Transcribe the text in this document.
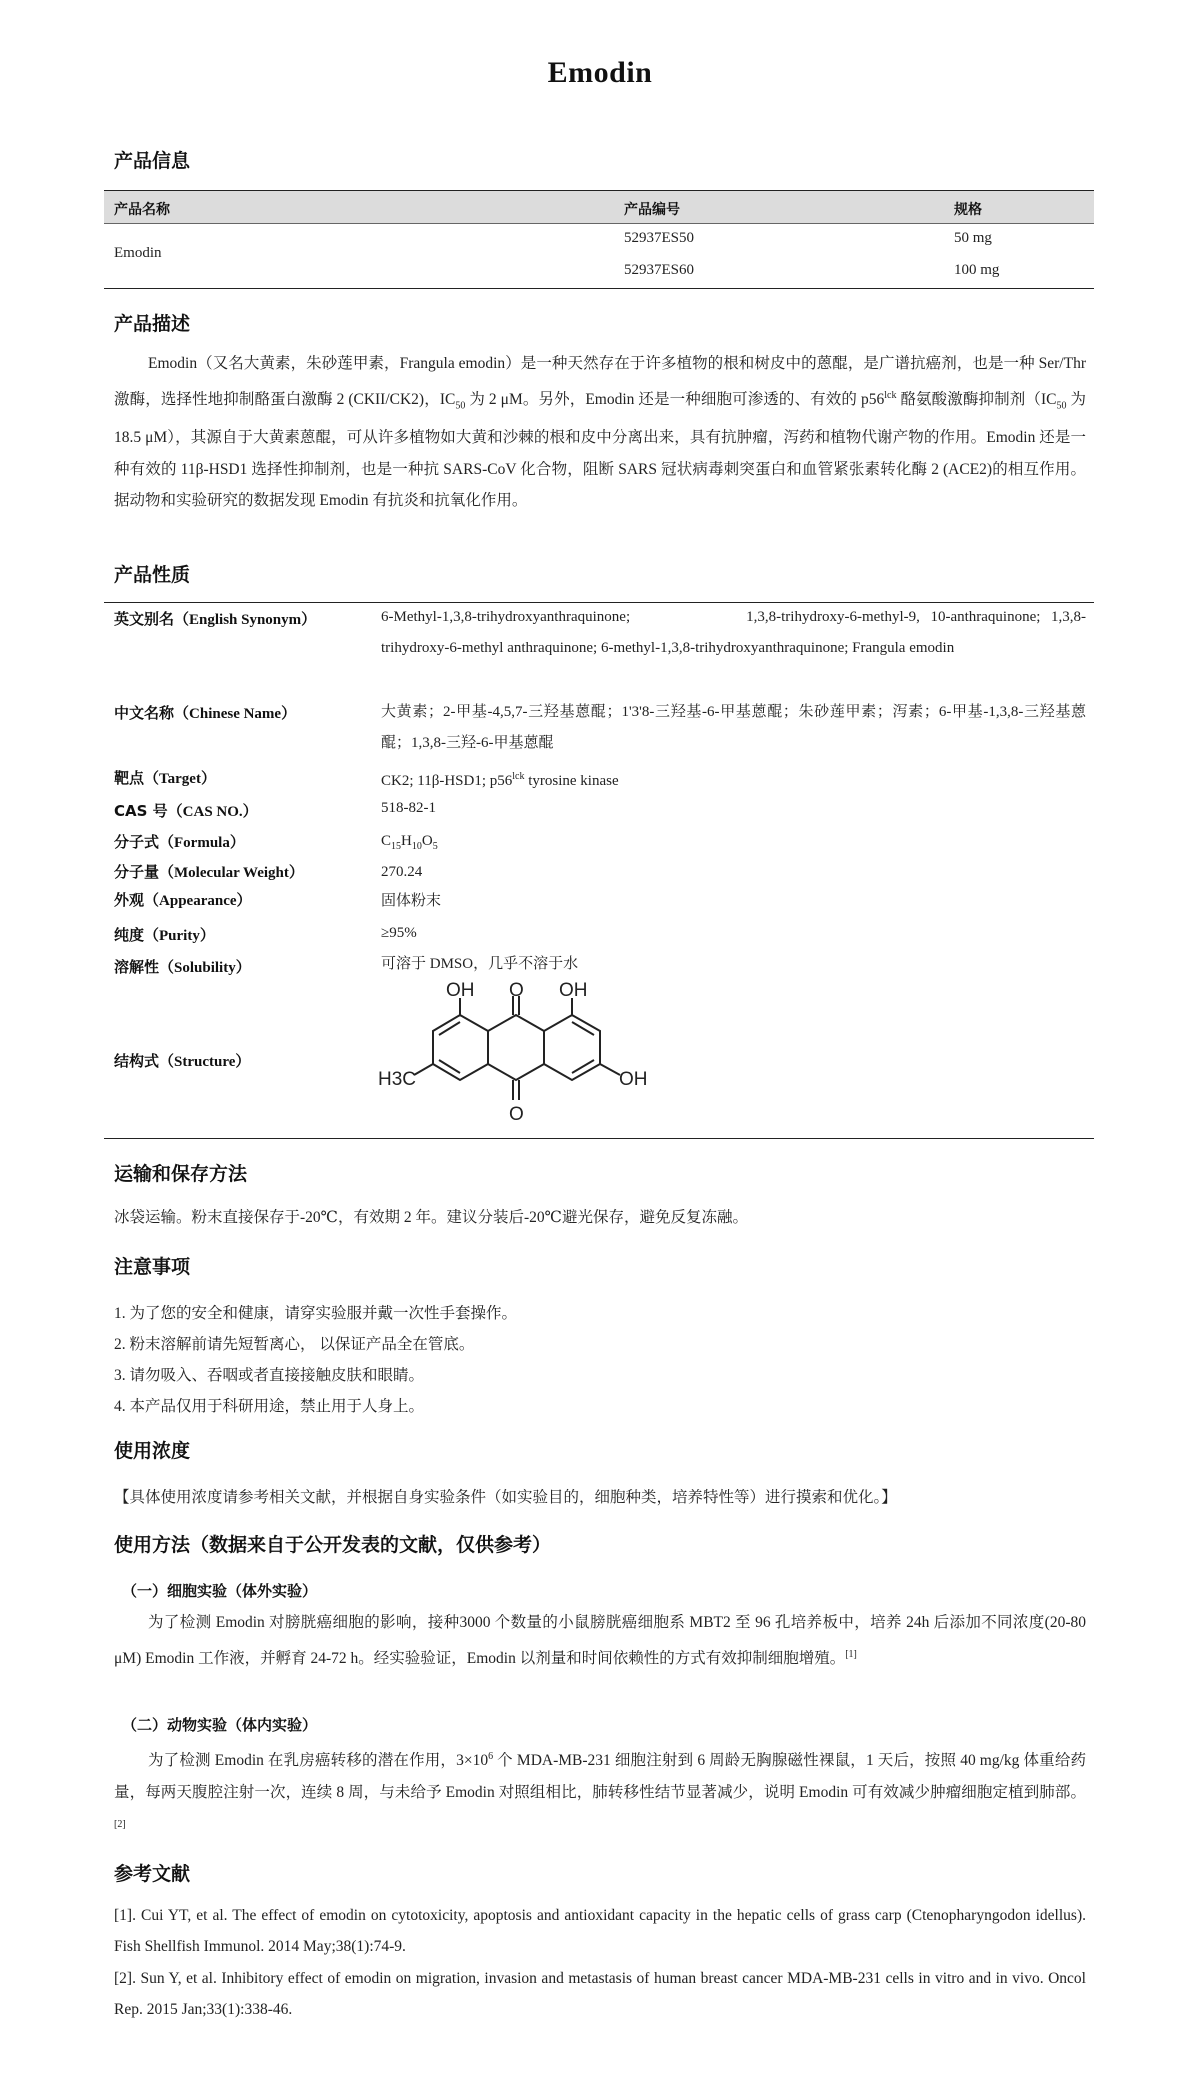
Emodin
产品信息
产品名称	产品编号	规格
Emodin
52937ES50	50 mg
52937ES60	100 mg
产品描述

Emodin（又名大黄素，朱砂莲甲素，Frangula emodin）是一种天然存在于许多植物的根和树皮中的蒽醌，是广谱抗癌剂，也是一种 Ser/Thr 激酶，选择性地抑制酪蛋白激酶 2 (CKII/CK2)，$IC_{50}$ 为 2 μM。另外，Emodin 还是一种细胞可渗透的、有效的 $p56^{lck}$ 酪氨酸激酶抑制剂（$IC_{50}$ 为 18.5 μM），其源自于大黄素蒽醌，可从许多植物如大黄和沙棘的根和皮中分离出来，具有抗肿瘤，泻药和植物代谢产物的作用。Emodin 还是一种有效的 11β-HSD1 选择性抑制剂，也是一种抗 SARS-CoV 化合物，阻断 SARS 冠状病毒刺突蛋白和血管紧张素转化酶 2 (ACE2)的相互作用。据动物和实验研究的数据发现 Emodin 有抗炎和抗氧化作用。

产品性质
英文别名（English Synonym）	6-Methyl-1,3,8-trihydroxyanthraquinone;　　　　　1,3,8-trihydroxy-6-methyl-9, 10-anthraquinone; 1,3,8-trihydroxy-6-methyl anthraquinone; 6-methyl-1,3,8-trihydroxyanthraquinone; Frangula emodin
中文名称（Chinese Name）	大黄素；2-甲基-4,5,7-三羟基蒽醌；1'3'8-三羟基-6-甲基蒽醌；朱砂莲甲素；泻素；6-甲基-1,3,8-三羟基蒽醌；1,3,8-三羟-6-甲基蒽醌
靶点（Target）	CK2; 11β-HSD1; $p56^{lck}$ tyrosine kinase
CAS 号（CAS NO.）	518-82-1
分子式（Formula）	$C_{15}H_{10}O_5$
分子量（Molecular Weight）	270.24
外观（Appearance）	固体粉末
纯度（Purity）	≥95%
溶解性（Solubility）	可溶于 DMSO，几乎不溶于水
结构式（Structure）
OH O OH
H3C	OH
O
运输和保存方法
冰袋运输。粉末直接保存于-20℃，有效期 2 年。建议分装后-20℃避光保存，避免反复冻融。
注意事项
1. 为了您的安全和健康，请穿实验服并戴一次性手套操作。
2. 粉末溶解前请先短暂离心， 以保证产品全在管底。
3. 请勿吸入、吞咽或者直接接触皮肤和眼睛。
4. 本产品仅用于科研用途，禁止用于人身上。
使用浓度
【具体使用浓度请参考相关文献，并根据自身实验条件（如实验目的，细胞种类，培养特性等）进行摸索和优化。】
使用方法（数据来自于公开发表的文献，仅供参考）
（一）细胞实验（体外实验）

为了检测 Emodin 对膀胱癌细胞的影响，接种3000 个数量的小鼠膀胱癌细胞系 MBT2 至 96 孔培养板中，培养 24h 后添加不同浓度(20-80 μM) Emodin 工作液，并孵育 24-72 h。经实验验证，Emodin 以剂量和时间依赖性的方式有效抑制细胞增殖。[1]

（二）动物实验（体内实验）

为了检测 Emodin 在乳房癌转移的潜在作用，$3\times 10^6$ 个 MDA-MB-231 细胞注射到 6 周龄无胸腺磁性裸鼠，1 天后，按照 40 mg/kg 体重给药量，每两天腹腔注射一次，连续 8 周，与未给予 Emodin 对照组相比，肺转移性结节显著减少，说明 Emodin 可有效减少肿瘤细胞定植到肺部。[2]

参考文献
[1]. Cui YT, et al. The effect of emodin on cytotoxicity, apoptosis and antioxidant capacity in the hepatic cells of grass carp (Ctenopharyngodon idellus). Fish Shellfish Immunol. 2014 May;38(1):74-9.
[2]. Sun Y, et al. Inhibitory effect of emodin on migration, invasion and metastasis of human breast cancer MDA-MB-231 cells in vitro and in vivo. Oncol Rep. 2015 Jan;33(1):338-46.
